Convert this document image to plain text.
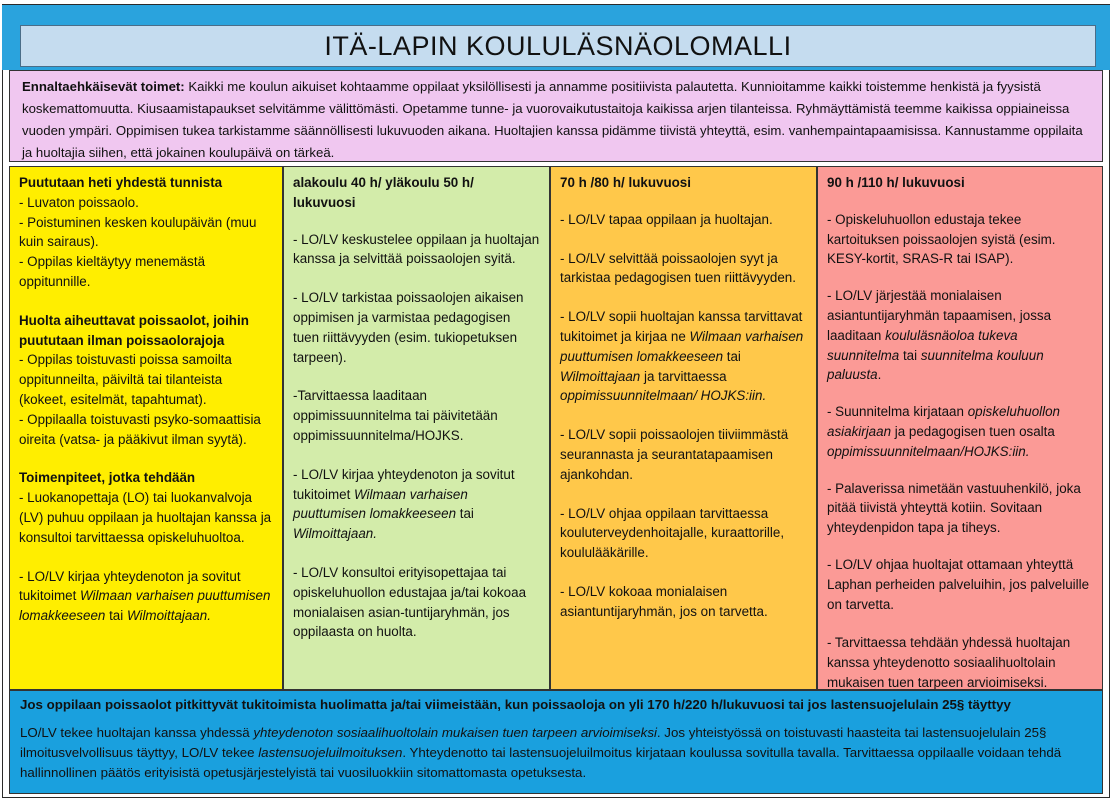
ITÄ-LAPIN KOULULÄSNÄOLOMALLI
Ennaltaehkäisevät toimet: Kaikki me koulun aikuiset kohtaamme oppilaat yksilöllisesti ja annamme positiivista palautetta. Kunnioitamme kaikki toistemme henkistä ja fyysistä koskemattomuutta. Kiusaamistapaukset selvitämme välittömästi. Opetamme tunne- ja vuorovaikutustaitoja kaikissa arjen tilanteissa. Ryhmäyttämistä teemme kaikissa oppiaineissa vuoden ympäri. Oppimisen tukea tarkistamme säännöllisesti lukuvuoden aikana. Huoltajien kanssa pidämme tiivistä yhteyttä, esim. vanhempaintapaamisissa. Kannustamme oppilaita ja huoltajia siihen, että jokainen koulupäivä on tärkeä.

Puututaan heti yhdestä tunnista

- Luvaton poissaolo.

- Poistuminen kesken koulupäivän (muu kuin sairaus).

- Oppilas kieltäytyy menemästä oppitunnille.

Huolta aiheuttavat poissaolot, joihin puututaan ilman poissaolorajoja

- Oppilas toistuvasti poissa samoilta oppitunneilta, päiviltä tai tilanteista (kokeet, esitelmät, tapahtumat).

- Oppilaalla toistuvasti psyko-somaattisia oireita (vatsa- ja pääkivut ilman syytä).

Toimenpiteet, jotka tehdään

- Luokanopettaja (LO) tai luokanvalvoja (LV) puhuu oppilaan ja huoltajan kanssa ja konsultoi tarvittaessa opiskeluhuoltoa.

- LO/LV kirjaa yhteydenoton ja sovitut tukitoimet Wilmaan varhaisen puuttumisen lomakkeeseen tai Wilmoittajaan.

alakoulu 40 h/ yläkoulu 50 h/ lukuvuosi

- LO/LV keskustelee oppilaan ja huoltajan kanssa ja selvittää poissaolojen syitä.

- LO/LV tarkistaa poissaolojen aikaisen oppimisen ja varmistaa pedagogisen tuen riittävyyden (esim. tukiopetuksen tarpeen).

-Tarvittaessa laaditaan oppimissuunnitelma tai päivitetään oppimissuunnitelma/HOJKS.

- LO/LV kirjaa yhteydenoton ja sovitut tukitoimet Wilmaan varhaisen puuttumisen lomakkeeseen tai Wilmoittajaan.

- LO/LV konsultoi erityisopettajaa tai opiskeluhuollon edustajaa ja/tai kokoaa monialaisen asian-tuntijaryhmän, jos oppilaasta on huolta.

70 h /80 h/ lukuvuosi

- LO/LV tapaa oppilaan ja huoltajan.

- LO/LV selvittää poissaolojen syyt ja tarkistaa pedagogisen tuen riittävyyden.

- LO/LV sopii huoltajan kanssa tarvittavat tukitoimet ja kirjaa ne Wilmaan varhaisen puuttumisen lomakkeeseen tai Wilmoittajaan ja tarvittaessa oppimissuunnitelmaan/ HOJKS:iin.

- LO/LV sopii poissaolojen tiiviimmästä seurannasta ja seurantatapaamisen ajankohdan.

- LO/LV ohjaa oppilaan tarvittaessa kouluterveydenhoitajalle, kuraattorille, koululääkärille.

- LO/LV kokoaa monialaisen asiantuntijaryhmän, jos on tarvetta.

90 h /110 h/ lukuvuosi

- Opiskeluhuollon edustaja tekee kartoituksen poissaolojen syistä (esim. KESY-kortit, SRAS-R tai ISAP).

- LO/LV järjestää monialaisen asiantuntijaryhmän tapaamisen, jossa laaditaan koululäsnäoloa tukeva suunnitelma tai suunnitelma kouluun paluusta.

- Suunnitelma kirjataan opiskeluhuollon asiakirjaan ja pedagogisen tuen osalta oppimissuunnitelmaan/HOJKS:iin.

- Palaverissa nimetään vastuuhenkilö, joka pitää tiivistä yhteyttä kotiin. Sovitaan yhteydenpidon tapa ja tiheys.

- LO/LV ohjaa huoltajat ottamaan yhteyttä Laphan perheiden palveluihin, jos palveluille on tarvetta.

- Tarvittaessa tehdään yhdessä huoltajan kanssa yhteydenotto sosiaalihuoltolain mukaisen tuen tarpeen arvioimiseksi.

Jos oppilaan poissaolot pitkittyvät tukitoimista huolimatta ja/tai viimeistään, kun poissaoloja on yli 170 h/220 h/lukuvuosi tai jos lastensuojelulain 25§ täyttyy

LO/LV tekee huoltajan kanssa yhdessä yhteydenoton sosiaalihuoltolain mukaisen tuen tarpeen arvioimiseksi. Jos yhteistyössä on toistuvasti haasteita tai lastensuojelulain 25§ ilmoitusvelvollisuus täyttyy, LO/LV tekee lastensuojeluilmoituksen. Yhteydenotto tai lastensuojeluilmoitus kirjataan koulussa sovitulla tavalla. Tarvittaessa oppilaalle voidaan tehdä hallinnollinen päätös erityisistä opetusjärjestelyistä tai vuosiluokkiin sitomattomasta opetuksesta.
